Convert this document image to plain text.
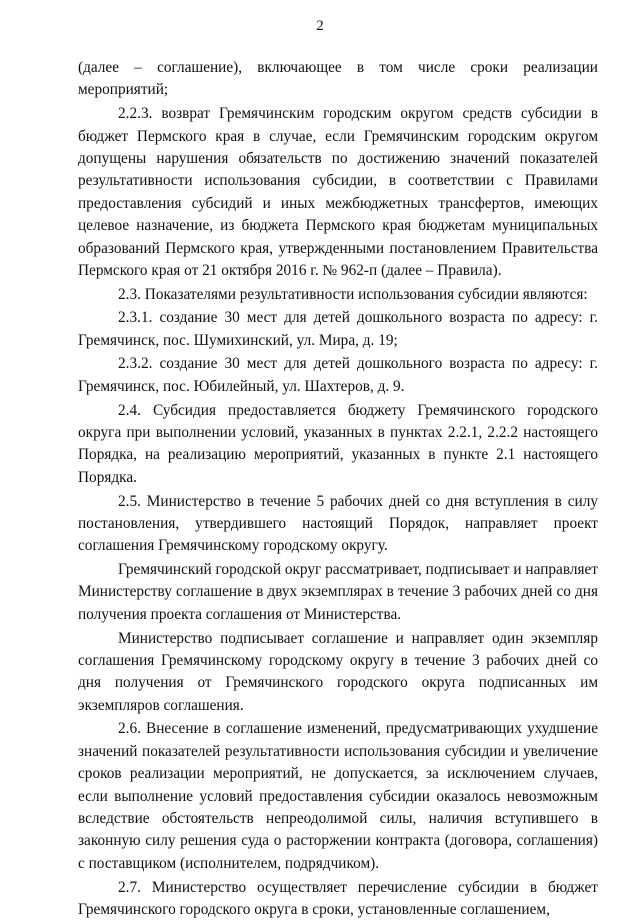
2

(далее – соглашение), включающее в том числе сроки реализации мероприятий;

2.2.3. возврат Гремячинским городским округом средств субсидии в бюджет Пермского края в случае, если Гремячинским городским округом допущены нарушения обязательств по достижению значений показателей результативности использования субсидии, в соответствии с Правилами предоставления субсидий и иных межбюджетных трансфертов, имеющих целевое назначение, из бюджета Пермского края бюджетам муниципальных образований Пермского края, утвержденными постановлением Правительства Пермского края от 21 октября 2016 г. № 962-п (далее – Правила).

2.3. Показателями результативности использования субсидии являются:

2.3.1. создание 30 мест для детей дошкольного возраста по адресу: г. Гремячинск, пос. Шумихинский, ул. Мира, д. 19;

2.3.2. создание 30 мест для детей дошкольного возраста по адресу: г. Гремячинск, пос. Юбилейный, ул. Шахтеров, д. 9.

2.4. Субсидия предоставляется бюджету Гремячинского городского округа при выполнении условий, указанных в пунктах 2.2.1, 2.2.2 настоящего Порядка, на реализацию мероприятий, указанных в пункте 2.1 настоящего Порядка.

2.5. Министерство в течение 5 рабочих дней со дня вступления в силу постановления, утвердившего настоящий Порядок, направляет проект соглашения Гремячинскому городскому округу.

Гремячинский городской округ рассматривает, подписывает и направляет Министерству соглашение в двух экземплярах в течение 3 рабочих дней со дня получения проекта соглашения от Министерства.

Министерство подписывает соглашение и направляет один экземпляр соглашения Гремячинскому городскому округу в течение 3 рабочих дней со дня получения от Гремячинского городского округа подписанных им экземпляров соглашения.

2.6. Внесение в соглашение изменений, предусматривающих ухудшение значений показателей результативности использования субсидии и увеличение сроков реализации мероприятий, не допускается, за исключением случаев, если выполнение условий предоставления субсидии оказалось невозможным вследствие обстоятельств непреодолимой силы, наличия вступившего в законную силу решения суда о расторжении контракта (договора, соглашения) с поставщиком (исполнителем, подрядчиком).

2.7. Министерство осуществляет перечисление субсидии в бюджет Гремячинского городского округа в сроки, установленные соглашением,
